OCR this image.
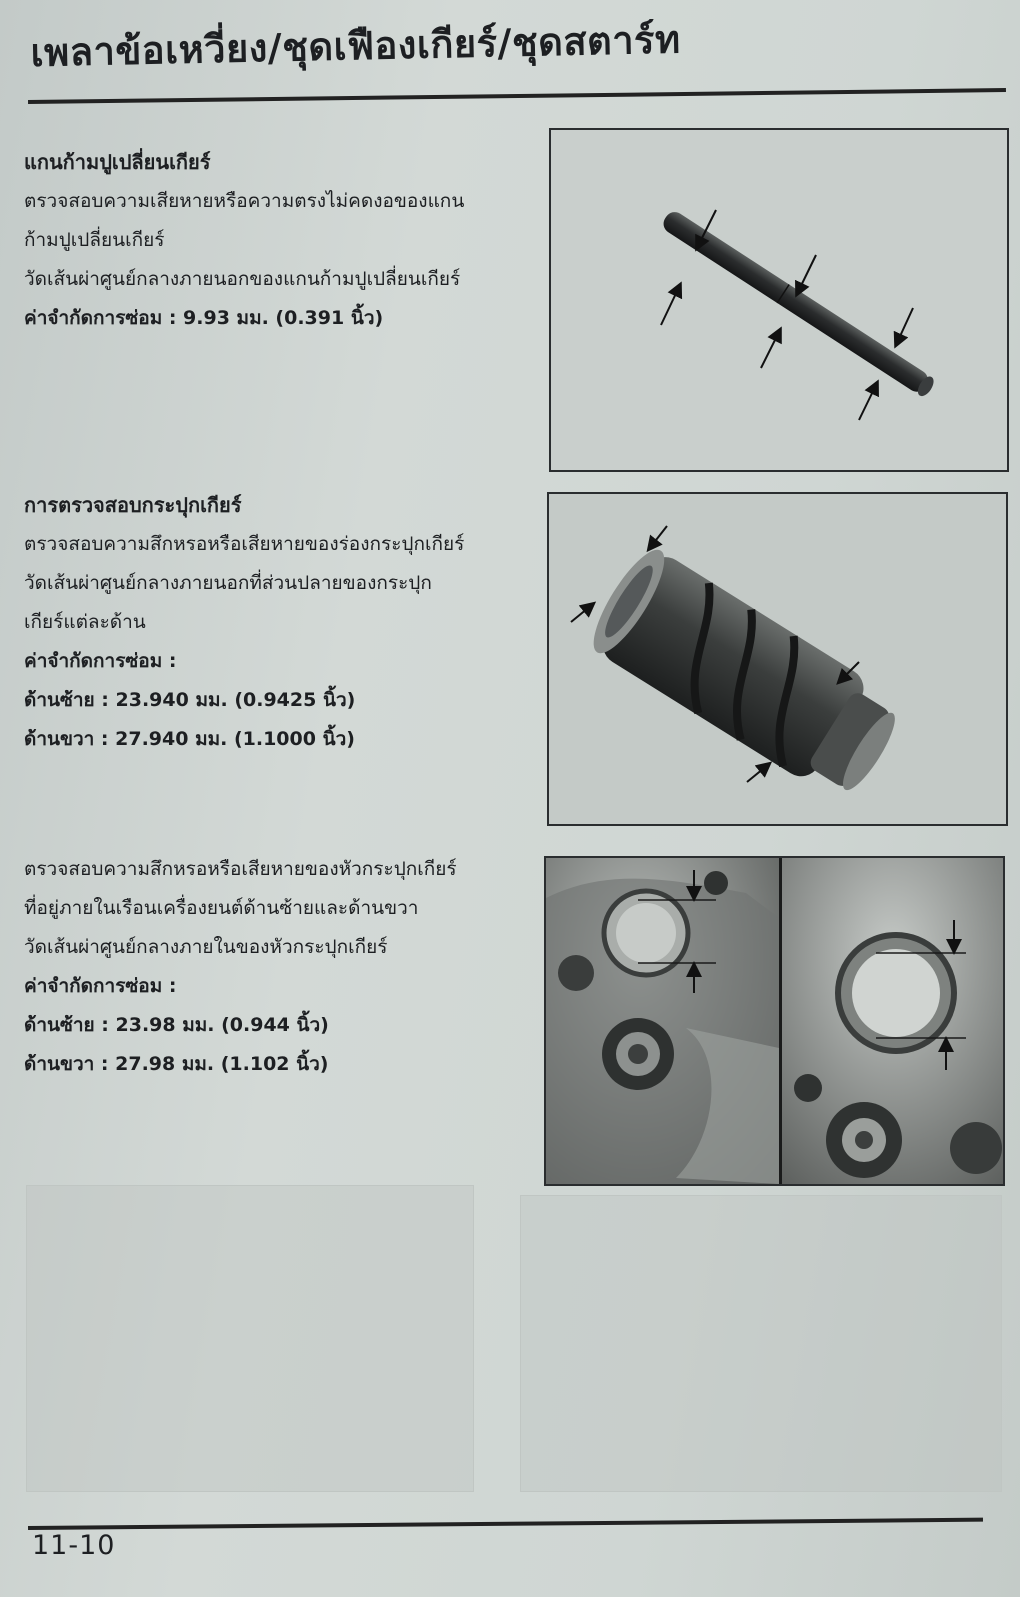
เพลาข้อเหวี่ยง/ชุดเฟืองเกียร์/ชุดสตาร์ท
แกนก้ามปูเปลี่ยนเกียร์
ตรวจสอบความเสียหายหรือความตรงไม่คดงอของแกน
ก้ามปูเปลี่ยนเกียร์
วัดเส้นผ่าศูนย์กลางภายนอกของแกนก้ามปูเปลี่ยนเกียร์
ค่าจำกัดการซ่อม : 9.93 มม. (0.391 นิ้ว)
การตรวจสอบกระปุกเกียร์
ตรวจสอบความสึกหรอหรือเสียหายของร่องกระปุกเกียร์
วัดเส้นผ่าศูนย์กลางภายนอกที่ส่วนปลายของกระปุก
เกียร์แต่ละด้าน
ค่าจำกัดการซ่อม :
ด้านซ้าย : 23.940 มม. (0.9425 นิ้ว)
ด้านขวา : 27.940 มม. (1.1000 นิ้ว)
ตรวจสอบความสึกหรอหรือเสียหายของหัวกระปุกเกียร์
ที่อยู่ภายในเรือนเครื่องยนต์ด้านซ้ายและด้านขวา
วัดเส้นผ่าศูนย์กลางภายในของหัวกระปุกเกียร์
ค่าจำกัดการซ่อม :
ด้านซ้าย : 23.98 มม. (0.944 นิ้ว)
ด้านขวา : 27.98 มม. (1.102 นิ้ว)
11-10
